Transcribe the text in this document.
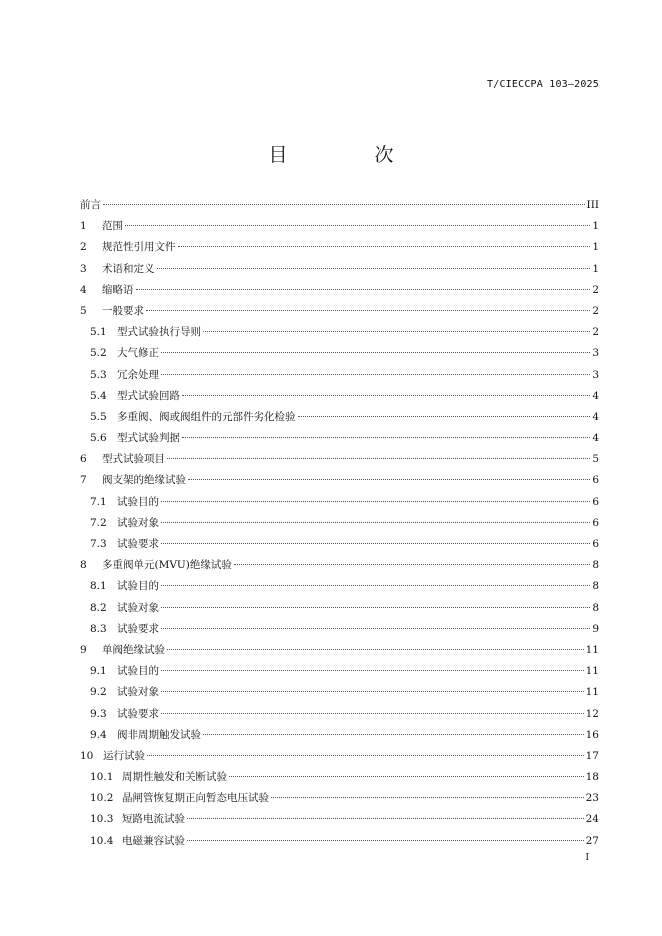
T/CIECCPA 103—2025
目　次
前言	III
1	范围	1
2	规范性引用文件	1
3	术语和定义	1
4	缩略语	2
5	一般要求	2
5.1 型式试验执行导则	2
5.2 大气修正	3
5.3 冗余处理	3
5.4 型式试验回路	4
5.5 多重阀、阀或阀组件的元部件劣化检验	4
5.6 型式试验判据	4
6	型式试验项目	5
7	阀支架的绝缘试验	6
7.1 试验目的	6
7.2 试验对象	6
7.3 试验要求	6
8	多重阀单元(MVU)绝缘试验	8
8.1 试验目的	8
8.2 试验对象	8
8.3 试验要求	9
9	单阀绝缘试验	11
9.1 试验目的	11
9.2 试验对象	11
9.3 试验要求	12
9.4 阀非周期触发试验	16
10 运行试验	17
10.1 周期性触发和关断试验	18
10.2 晶闸管恢复期正向暂态电压试验	23
10.3 短路电流试验	24
10.4 电磁兼容试验	27
I
